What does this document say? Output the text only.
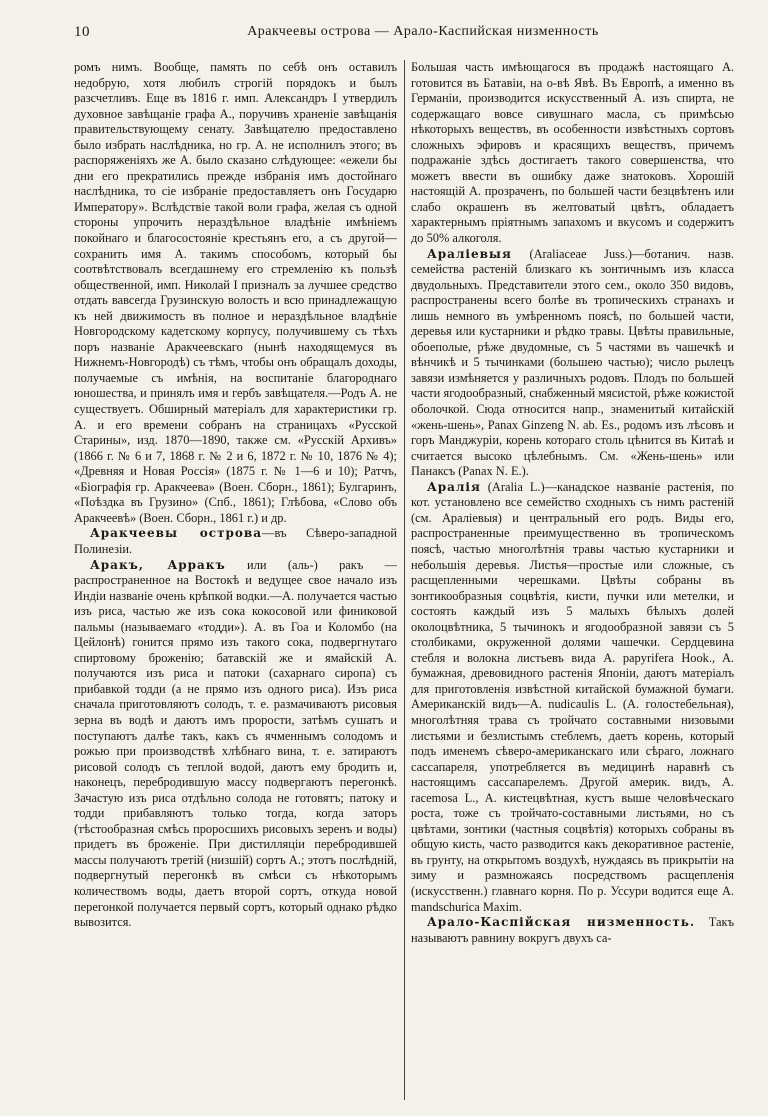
10	Аракчеевы острова — Арало-Каспийская низменность

ромъ нимъ. Вообще, память по себѣ онъ оставилъ недобрую, хотя любилъ строгій порядокъ и былъ разсчетливъ. Еще въ 1816 г. имп. Александръ I утвердилъ духовное завѣщаніе графа А., поручивъ храненіе завѣщанія правительствующему сенату. Завѣщателю предоставлено было избрать наслѣдника, но гр. А. не исполнилъ этого; въ распоряженіяхъ же А. было сказано слѣдующее: «ежели бы дни его прекратились прежде избранія имъ достойнаго наслѣдника, то сіе избраніе предоставляетъ онъ Государю Императору». Вслѣдствіе такой воли графа, желая съ одной стороны упрочить нераздѣльное владѣніе имѣніемъ покойнаго и благосостояніе крестьянъ его, а съ другой—сохранить имя А. такимъ способомъ, который бы соотвѣтствовалъ всегдашнему его стремленію къ пользѣ общественной, имп. Николай I призналъ за лучшее средство отдать вавсегда Грузинскую волость и всю принадлежащую къ ней движимость въ полное и нераздѣльное владѣніе Новгородскому кадетскому корпусу, получившему съ тѣхъ поръ названіе Аракчеевскаго (нынѣ находящемуся въ Нижнемъ-Новгородѣ) съ тѣмъ, чтобы онъ обращалъ доходы, получаемые съ имѣнія, на воспитаніе благороднаго юношества, и принялъ имя и гербъ завѣщателя.—Родъ А. не существуетъ. Обширный матеріалъ для характеристики гр. А. и его времени собранъ на страницахъ «Русской Старины», изд. 1870—1890, также см. «Русскій Архивъ» (1866 г. № 6 и 7, 1868 г. № 2 и 6, 1872 г. № 10, 1876 № 4); «Древняя и Новая Россія» (1875 г. № 1—6 и 10); Ратчъ, «Біографія гр. Аракчеева» (Воен. Сборн., 1861); Булгаринъ, «Поѣздка въ Грузино» (Спб., 1861); Глѣбова, «Слово объ Аракчеевѣ» (Воен. Сборн., 1861 г.) и др.

Аракчеевы острова—въ Сѣверо-западной Полинезіи.

Аракъ, Арракъ или (аль-) ракъ — распространенное на Востокѣ и ведущее свое начало изъ Индіи названіе очень крѣпкой водки.—А. получается частью изъ риса, частью же изъ сока кокосовой или финиковой пальмы (называемаго «тодди»). А. въ Гоа и Коломбо (на Цейлонѣ) гонится прямо изъ такого сока, подвергнутаго спиртовому броженію; батавскій же и ямайскій А. получаются изъ риса и патоки (сахарнаго сиропа) съ прибавкой тодди (а не прямо изъ одного риса). Изъ риса сначала приготовляютъ солодъ, т. е. размачиваютъ рисовыя зерна въ водѣ и даютъ имъ прорости, затѣмъ сушатъ и поступаютъ далѣе такъ, какъ съ ячменнымъ солодомъ и рожью при производствѣ хлѣбнаго вина, т. е. затираютъ рисовой солодъ съ теплой водой, даютъ ему бродить и, наконецъ, перебродившую массу подвергаютъ перегонкѣ. Зачастую изъ риса отдѣльно солода не готовятъ; патоку и тодди прибавляютъ только тогда, когда заторъ (тѣстообразная смѣсь проросшихъ рисовыхъ зеренъ и воды) придетъ въ броженіе. При дистилляціи перебродившей массы получаютъ третій (низшій) сортъ А.; этотъ послѣдній, подвергнутый перегонкѣ въ смѣси съ нѣкоторымъ количествомъ воды, даетъ второй сортъ, откуда новой перегонкой получается первый сортъ, который однако рѣдко вывозится.

Большая часть имѣющагося въ продажѣ настоящаго А. готовится въ Батавіи, на о-вѣ Явѣ. Въ Европѣ, а именно въ Германіи, производится искусственный А. изъ спирта, не содержащаго вовсе сивушнаго масла, съ примѣсью нѣкоторыхъ веществъ, въ особенности извѣстныхъ сортовъ сложныхъ эфировъ и красящихъ веществъ, причемъ подражаніе здѣсь достигаетъ такого совершенства, что можетъ ввести въ ошибку даже знатоковъ. Хорошій настоящій А. прозраченъ, по большей части безцвѣтенъ или слабо окрашенъ въ желтоватый цвѣтъ, обладаетъ характернымъ пріятнымъ запахомъ и вкусомъ и содержитъ до 50% алкоголя.

Араліевыя (Araliaceae Juss.)—ботанич. назв. семейства растеній близкаго къ зонтичнымъ изъ класса двудольныхъ. Представители этого сем., около 350 видовъ, распространены всего болѣе въ тропическихъ странахъ и лишь немного въ умѣренномъ поясѣ, по большей части, деревья или кустарники и рѣдко травы. Цвѣты правильные, обоеполые, рѣже двудомные, съ 5 частями въ чашечкѣ и вѣнчикѣ и 5 тычинками (большею частью); число рылецъ завязи измѣняется у различныхъ родовъ. Плодъ по большей части ягодообразный, снабженный мясистой, рѣже кожистой оболочкой. Сюда относится напр., знаменитый китайскій «жень-шень», Panax Ginzeng N. ab. Es., родомъ изъ лѣсовъ и горъ Манджуріи, корень котораго столь цѣнится въ Китаѣ и считается высоко цѣлебнымъ. См. «Жень-шень» или Панаксъ (Panax N. E.).

Аралія (Aralia L.)—канадское названіе растенія, по кот. установлено все семейство сходныхъ съ нимъ растеній (см. Араліевыя) и центральный его родъ. Виды его, распространенные преимущественно въ тропическомъ поясѣ, частью многолѣтнія травы частью кустарники и небольшія деревья. Листья—простые или сложные, съ расщепленными черешками. Цвѣты собраны въ зонтикообразныя соцвѣтія, кисти, пучки или метелки, и состоять каждый изъ 5 малыхъ бѣлыхъ долей околоцвѣтника, 5 тычинокъ и ягодообразной завязи съ 5 столбиками, окруженной долями чашечки. Сердцевина стебля и волокна листьевъ вида A. papyrifera Hook., A. бумажная, древовидного растенія Японіи, даютъ матеріалъ для приготовленія извѣстной китайской бумажной бумаги. Американскій видъ—A. nudicaulis L. (A. голостебельная), многолѣтняя трава съ тройчато составными низовыми листьями и безлистымъ стеблемъ, даетъ корень, который подъ именемъ сѣверо-американскаго или сѣраго, ложнаго сассапареля, употребляется въ медицинѣ наравнѣ съ настоящимъ сассапарелемъ. Другой америк. видъ, A. racemosa L., A. кистецвѣтная, кустъ выше человѣческаго роста, тоже съ тройчато-составными листьями, но съ цвѣтами, зонтики (частныя соцвѣтія) которыхъ собраны въ общую кисть, часто разводится какъ декоративное растеніе, въ грунту, на открытомъ воздухѣ, нуждаясь въ прикрытіи на зиму и размножаясь посредствомъ расщепленія (искусственн.) главнаго корня. По р. Уссури водится еще A. mandschurica Maxim.

Арало-Каспійская низменность. Такъ называютъ равнину вокругъ двухъ са-
